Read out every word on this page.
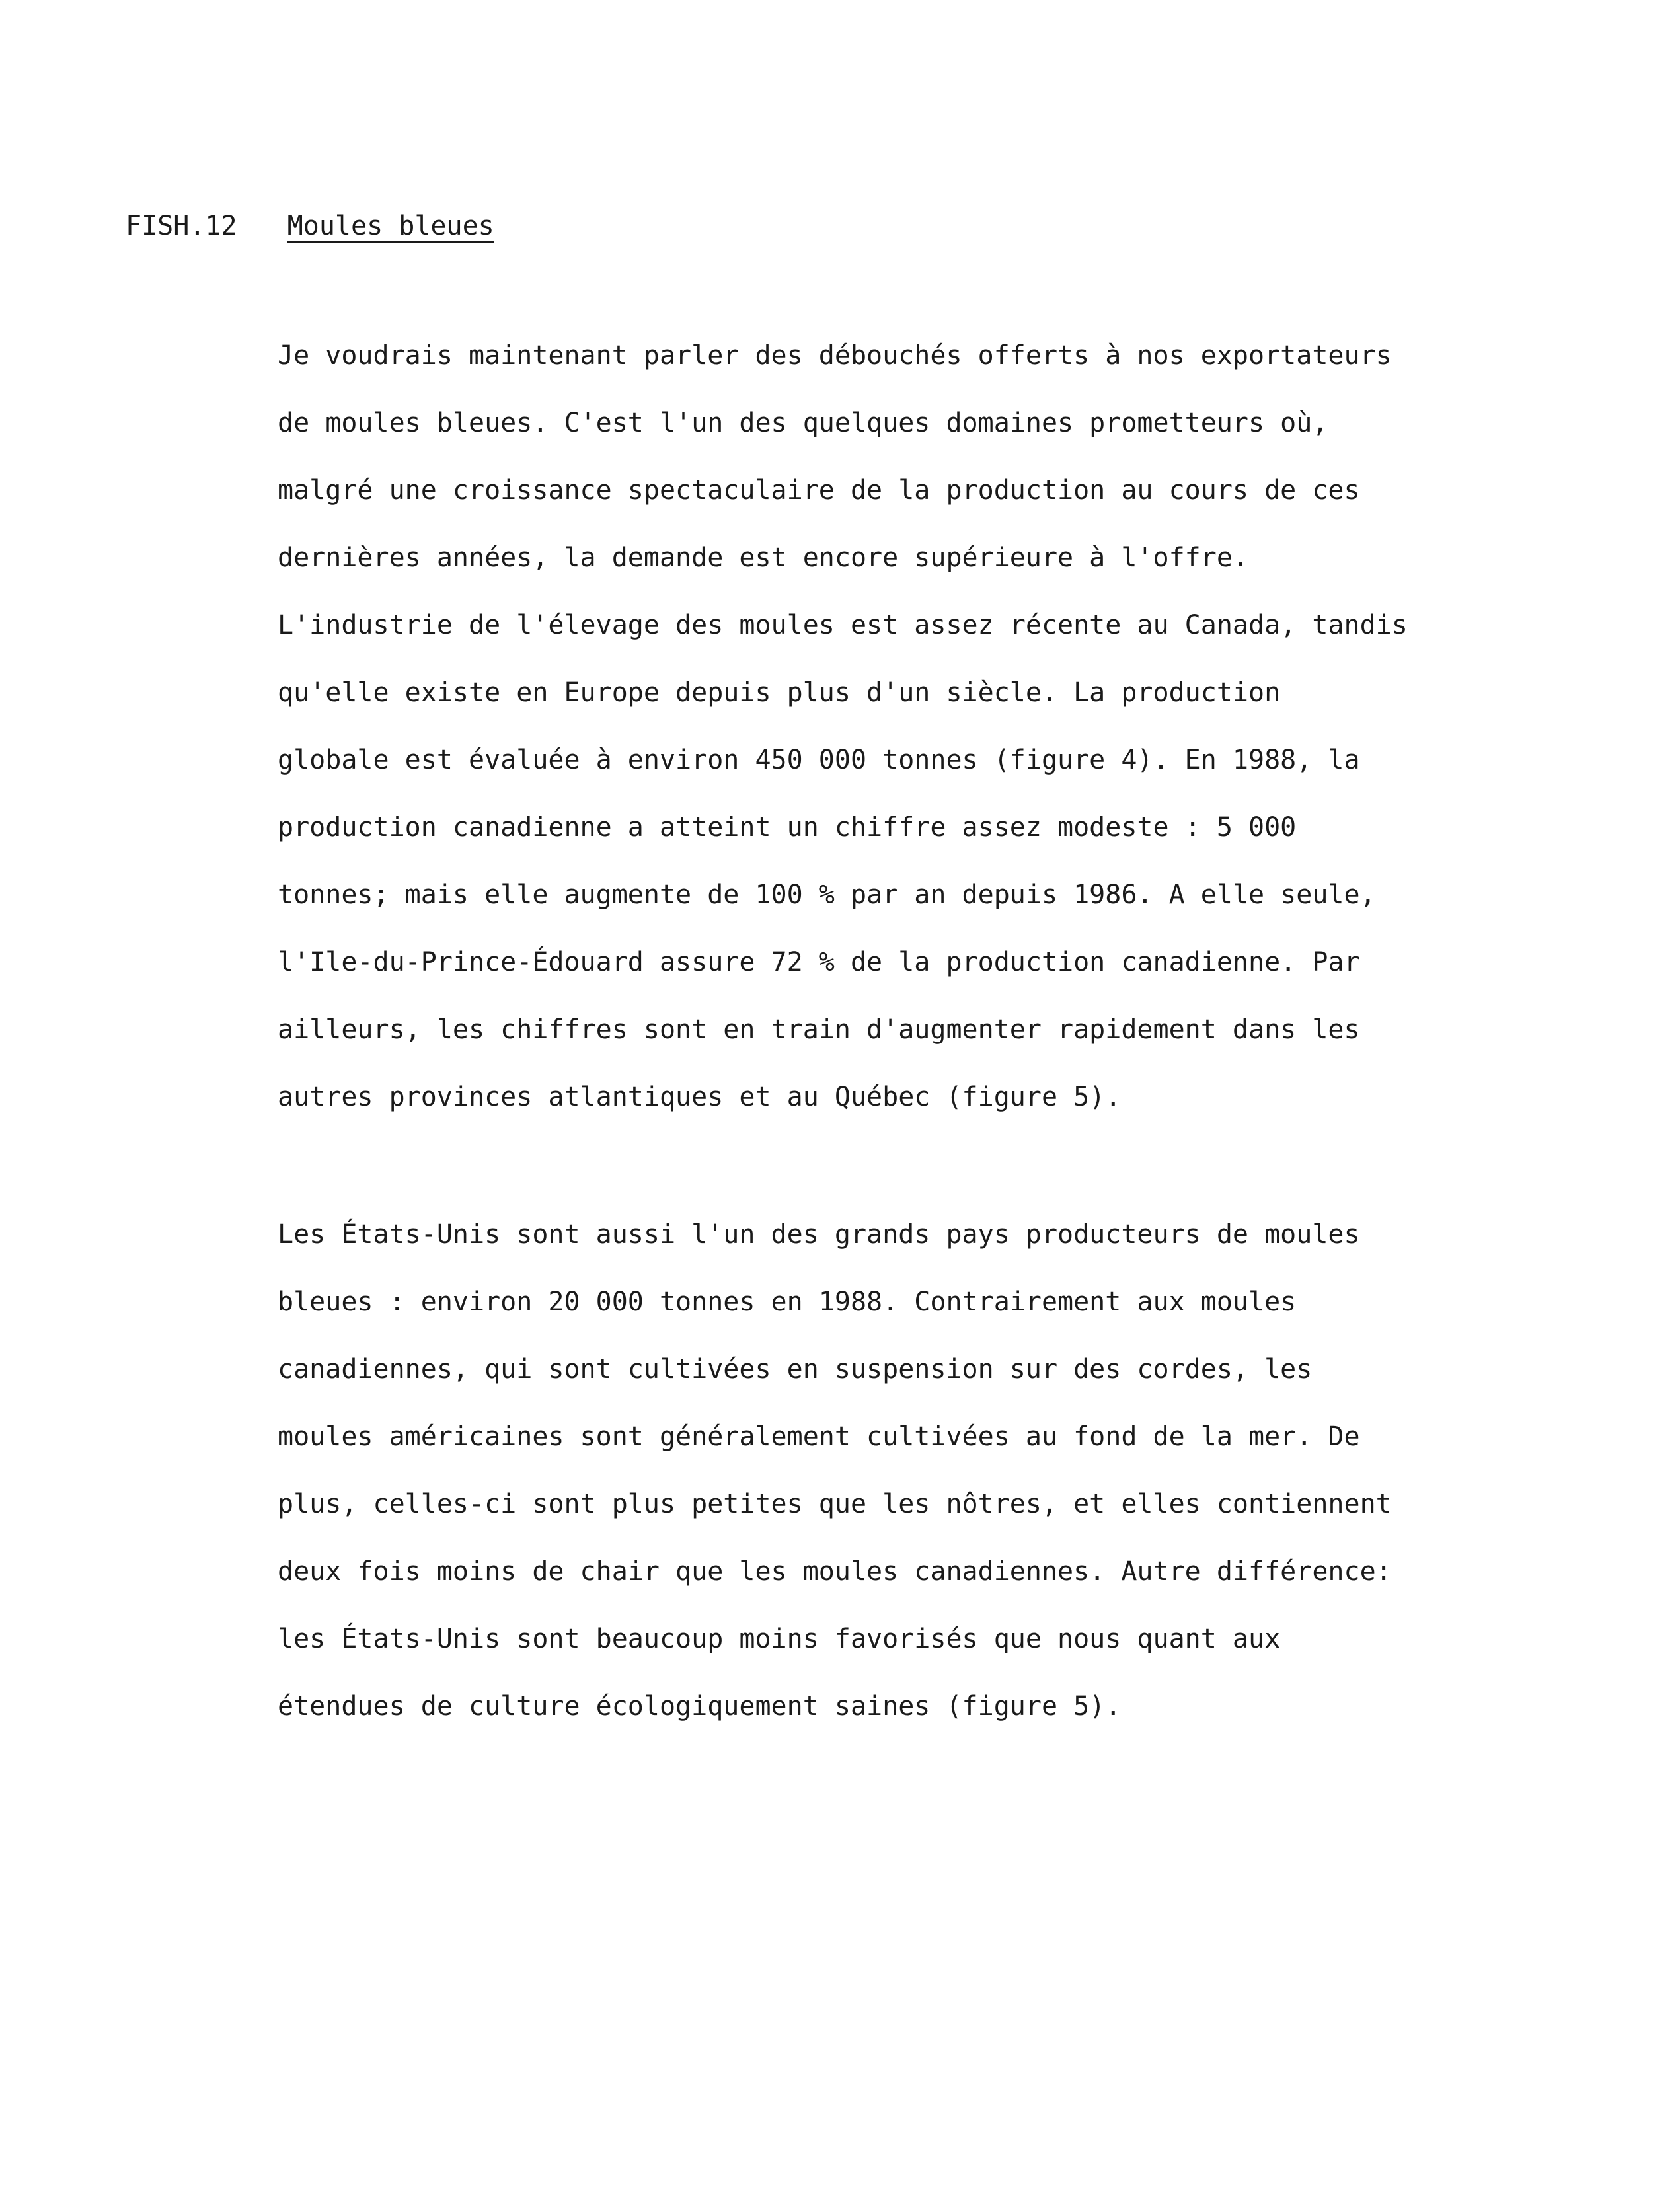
FISH.12 Moules bleues
Je voudrais maintenant parler des débouchés offerts à nos exportateurs
de moules bleues. C'est l'un des quelques domaines prometteurs où,
malgré une croissance spectaculaire de la production au cours de ces
dernières années, la demande est encore supérieure à l'offre.
L'industrie de l'élevage des moules est assez récente au Canada, tandis
qu'elle existe en Europe depuis plus d'un siècle. La production
globale est évaluée à environ 450 000 tonnes (figure 4). En 1988, la
production canadienne a atteint un chiffre assez modeste : 5 000
tonnes; mais elle augmente de 100 % par an depuis 1986. A elle seule,
l'Ile-du-Prince-Édouard assure 72 % de la production canadienne. Par
ailleurs, les chiffres sont en train d'augmenter rapidement dans les
autres provinces atlantiques et au Québec (figure 5).
Les États-Unis sont aussi l'un des grands pays producteurs de moules
bleues : environ 20 000 tonnes en 1988. Contrairement aux moules
canadiennes, qui sont cultivées en suspension sur des cordes, les
moules américaines sont généralement cultivées au fond de la mer. De
plus, celles-ci sont plus petites que les nôtres, et elles contiennent
deux fois moins de chair que les moules canadiennes. Autre différence:
les États-Unis sont beaucoup moins favorisés que nous quant aux
étendues de culture écologiquement saines (figure 5).
